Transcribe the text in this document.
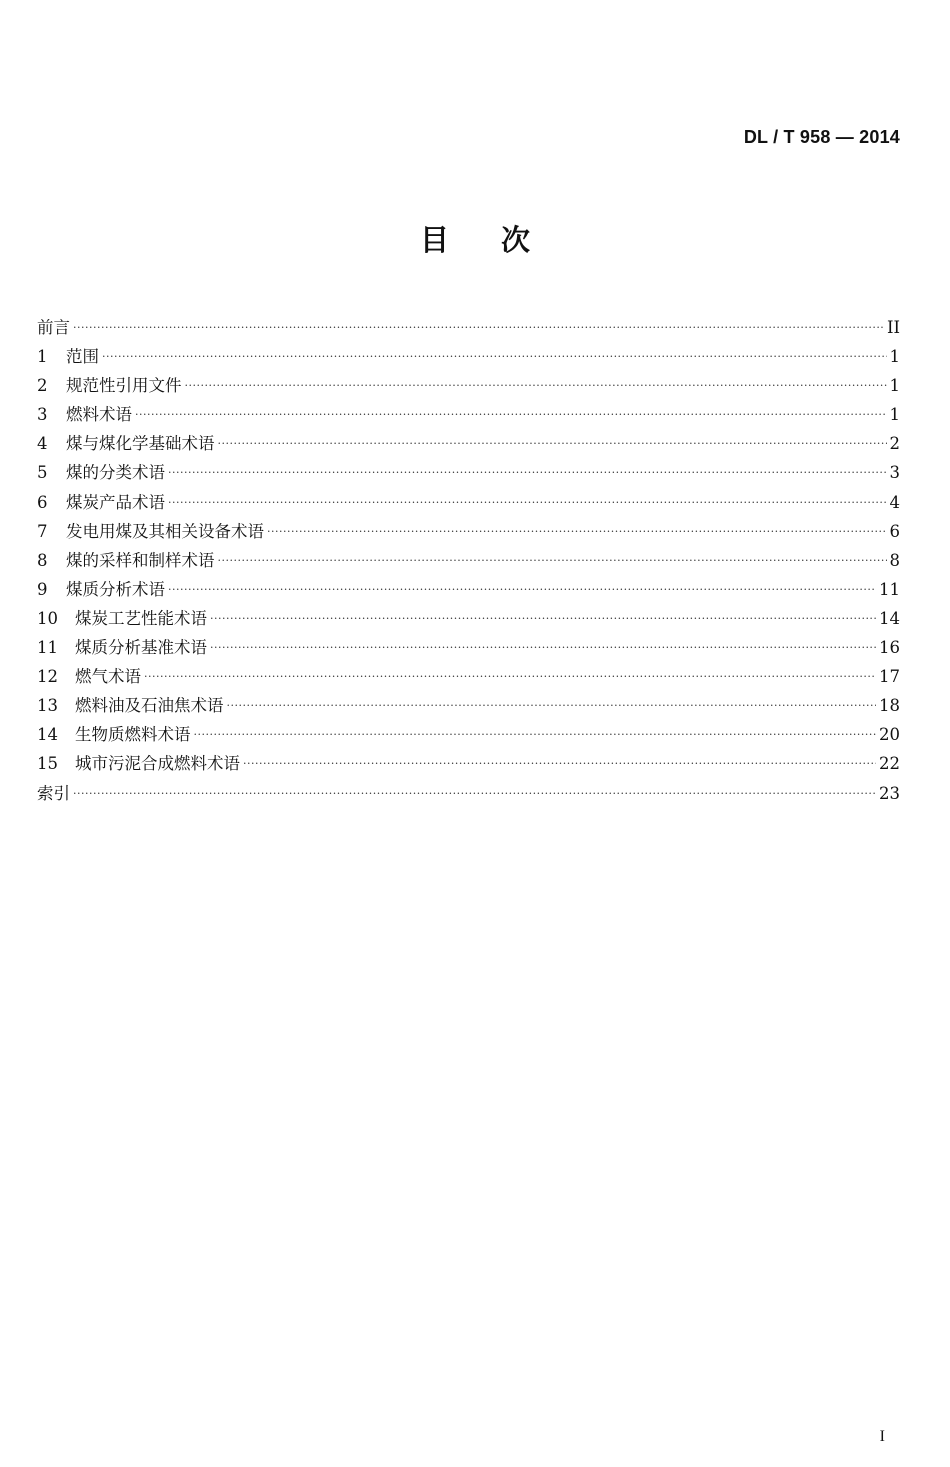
DL / T 958 — 2014
目次
前言 ·····	II
1	范围 ·····	1
2	规范性引用文件 ·····	1
3	燃料术语 ·····	1
4	煤与煤化学基础术语 ·····	2
5	煤的分类术语 ·····	3
6	煤炭产品术语 ·····	4
7	发电用煤及其相关设备术语 ·····	6
8	煤的采样和制样术语 ·····	8
9	煤质分析术语 ·····	11
10	煤炭工艺性能术语 ·····	14
11	煤质分析基准术语 ·····	16
12	燃气术语 ·····	17
13	燃料油及石油焦术语 ·····	18
14	生物质燃料术语 ·····	20
15	城市污泥合成燃料术语 ·····	22
索引 ·····	23
I
